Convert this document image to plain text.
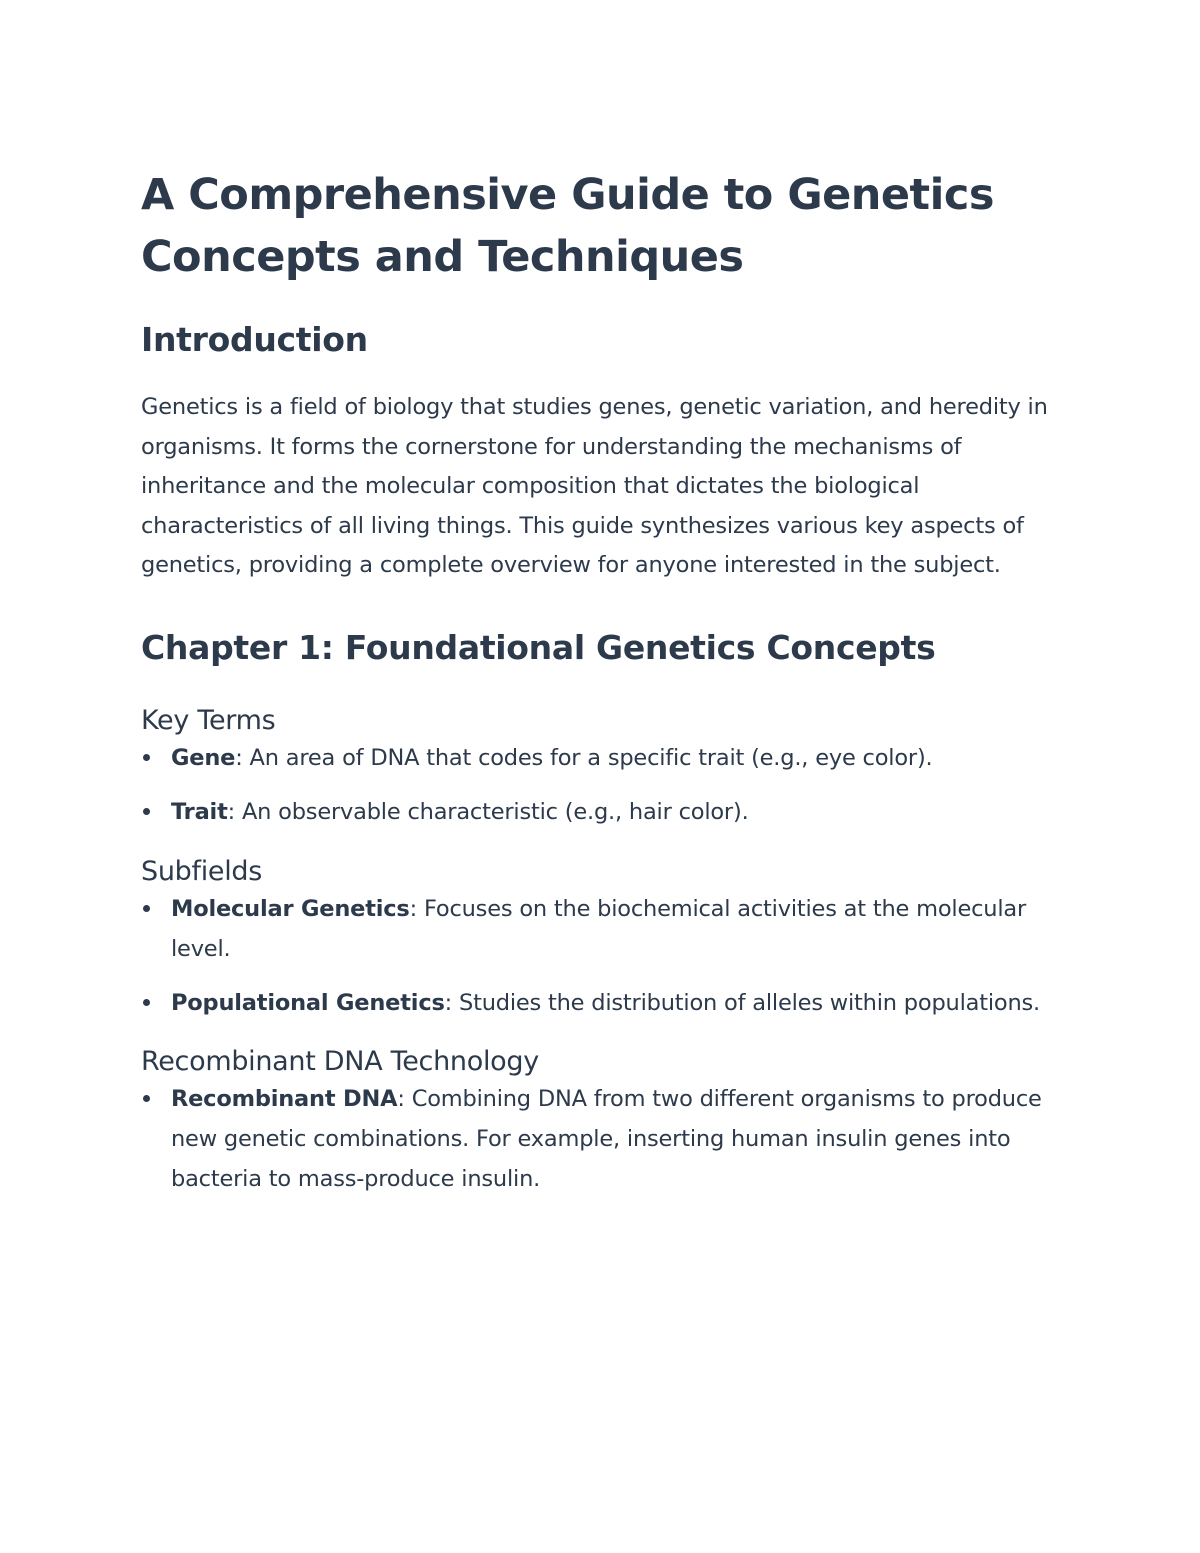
A Comprehensive Guide to Genetics Concepts and Techniques
Introduction

Genetics is a field of biology that studies genes, genetic variation, and heredity in organisms. It forms the cornerstone for understanding the mechanisms of inheritance and the molecular composition that dictates the biological characteristics of all living things. This guide synthesizes various key aspects of genetics, providing a complete overview for anyone interested in the subject.

Chapter 1: Foundational Genetics Concepts
Key Terms
Gene: An area of DNA that codes for a specific trait (e.g., eye color).
Trait: An observable characteristic (e.g., hair color).
Subfields
Molecular Genetics: Focuses on the biochemical activities at the molecular level.
Populational Genetics: Studies the distribution of alleles within populations.
Recombinant DNA Technology
Recombinant DNA: Combining DNA from two different organisms to produce new genetic combinations. For example, inserting human insulin genes into bacteria to mass-produce insulin.
